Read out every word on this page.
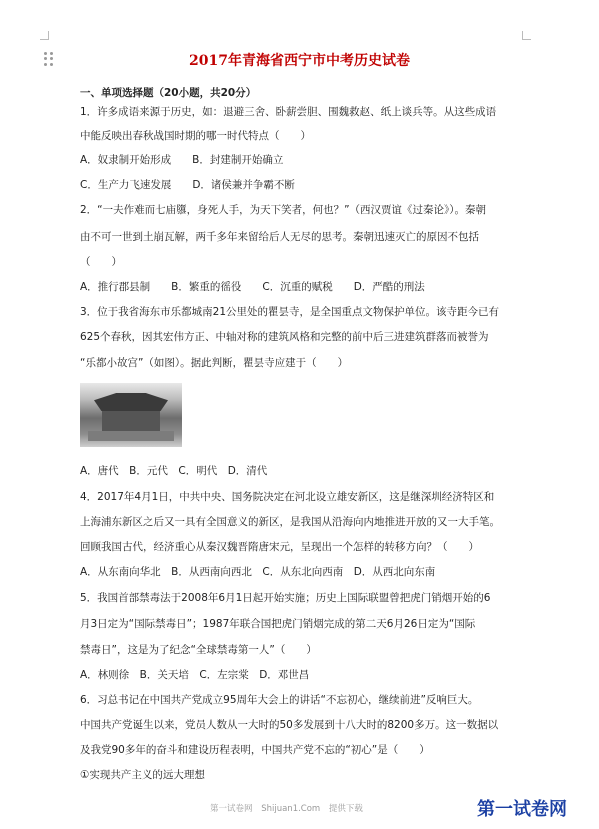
2017年青海省西宁市中考历史试卷
一、单项选择题（20小题，共20分）
1．许多成语来源于历史，如：退避三舍、卧薪尝胆、围魏救赵、纸上谈兵等。从这些成语
中能反映出春秋战国时期的哪一时代特点（　　）
A．奴隶制开始形成　　B．封建制开始确立
C．生产力飞速发展　　D．诸侯兼并争霸不断
2．“一夫作难而七庙隳，身死人手，为天下笑者，何也？”（西汉贾谊《过秦论》）。秦朝
由不可一世到土崩瓦解，两千多年来留给后人无尽的思考。秦朝迅速灭亡的原因不包括
（　　）
A．推行郡县制　　B．繁重的徭役　　C．沉重的赋税　　D．严酷的刑法
3．位于我省海东市乐都城南21公里处的瞿昙寺，是全国重点文物保护单位。该寺距今已有
625个春秋，因其宏伟方正、中轴对称的建筑风格和完整的前中后三进建筑群落而被誉为
“乐都小故宫”（如图）。据此判断，瞿昙寺应建于（　　）
A．唐代　B．元代　C．明代　D．清代
4．2017年4月1日，中共中央、国务院决定在河北设立雄安新区，这是继深圳经济特区和
上海浦东新区之后又一具有全国意义的新区，是我国从沿海向内地推进开放的又一大手笔。
回顾我国古代，经济重心从秦汉魏晋隋唐宋元，呈现出一个怎样的转移方向？（　　）
A．从东南向华北　B．从西南向西北　C．从东北向西南　D．从西北向东南
5．我国首部禁毒法于2008年6月1日起开始实施；历史上国际联盟曾把虎门销烟开始的6
月3日定为“国际禁毒日”；1987年联合国把虎门销烟完成的第二天6月26日定为“国际
禁毒日”，这是为了纪念“全球禁毒第一人”（　　）
A．林则徐　B．关天培　C．左宗棠　D．邓世昌
6．习总书记在中国共产党成立95周年大会上的讲话“不忘初心，继续前进”反响巨大。
中国共产党诞生以来，党员人数从一大时的50多发展到十八大时的8200多万。这一数据以
及我党90多年的奋斗和建设历程表明，中国共产党不忘的“初心”是（　　）
①实现共产主义的远大理想
第一试卷网 Shijuan1.Com 提供下载	第一试卷网
